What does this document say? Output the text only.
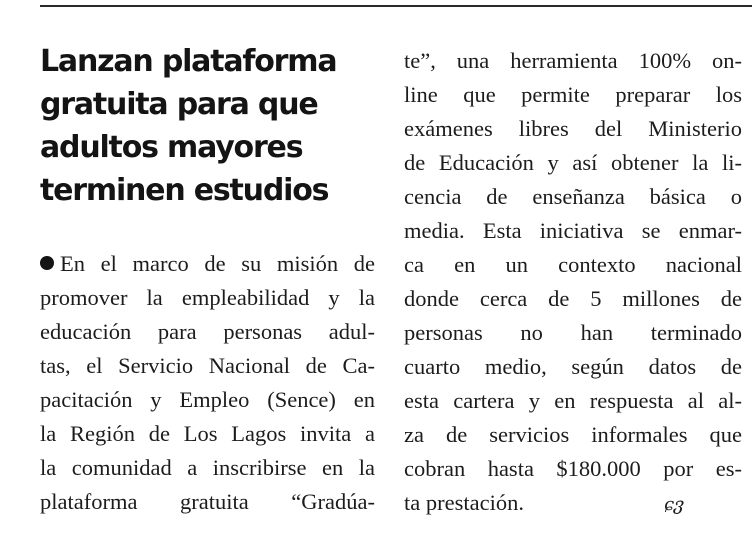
Lanzan plataforma
gratuita para que
adultos mayores
terminen estudios
En el marco de su misión de
promover la empleabilidad y la
educación para personas adul-
tas, el Servicio Nacional de Ca-
pacitación y Empleo (Sence) en
la Región de Los Lagos invita a
la comunidad a inscribirse en la
plataforma gratuita “Gradúa-
te”, una herramienta 100% on-
line que permite preparar los
exámenes libres del Ministerio
de Educación y así obtener la li-
cencia de enseñanza básica o
media. Esta iniciativa se enmar-
ca en un contexto nacional
donde cerca de 5 millones de
personas no han terminado
cuarto medio, según datos de
esta cartera y en respuesta al al-
za de servicios informales que
cobran hasta $180.000 por es-
ta prestación.	ɕვ
